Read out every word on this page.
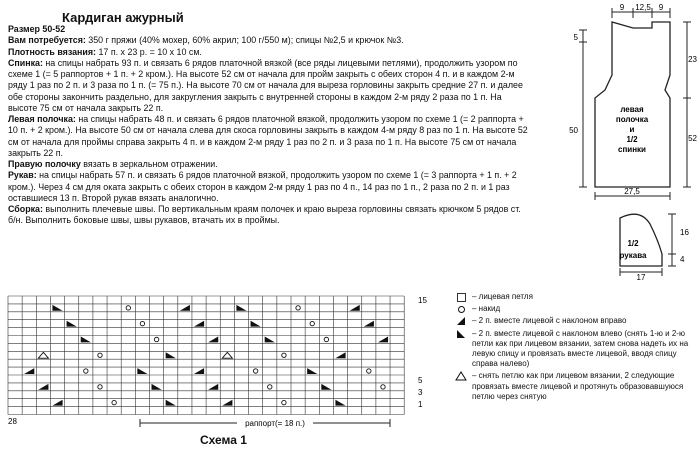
Кардиган ажурный

Размер 50-52

Вам потребуется: 350 г пряжи (40% мохер, 60% акрил; 100 г/550 м); спицы №2,5 и крючок №3.

Плотность вязания: 17 п. х 23 р. = 10 х 10 см.

Спинка: на спицы набрать 93 п. и связать 6 рядов платочной вязкой (все ряды лицевыми петлями), продолжить узором по схеме 1 (= 5 раппортов + 1 п. + 2 кром.). На высоте 52 см от начала для пройм закрыть с обеих сторон 4 п. и в каждом 2-м ряду 1 раз по 2 п. и 3 раза по 1 п. (= 75 п.). На высоте 70 см от начала для выреза горловины закрыть средние 27 п. и далее обе стороны закончить раздельно, для закругления закрыть с внутренней стороны в каждом 2-м ряду 2 раза по 1 п. На высоте 75 см от начала закрыть 22 п.

Левая полочка: на спицы набрать 48 п. и связать 6 рядов платочной вязкой, продолжить узором по схеме 1 (= 2 раппорта + 10 п. + 2 кром.). На высоте 50 см от начала слева для скоса горловины закрыть в каждом 4-м ряду 8 раз по 1 п. На высоте 52 см от начала для проймы справа закрыть 4 п. и в каждом 2-м ряду 1 раз по 2 п. и 3 раза по 1 п. На высоте 75 см от начала закрыть 22 п.

Правую полочку вязать в зеркальном отражении.

Рукав: на спицы набрать 57 п. и связать 6 рядов платочной вязкой, продолжить узором по схеме 1 (= 3 раппорта + 1 п. + 2 кром.). Через 4 см для оката закрыть с обеих сторон в каждом 2-м ряду 1 раз по 4 п., 14 раз по 1 п., 2 раза по 2 п. и 1 раз оставшиеся 13 п. Второй рукав вязать аналогично.

Сборка: выполнить плечевые швы. По вертикальным краям полочек и краю выреза горловины связать крючком 5 рядов ст. б/н. Выполнить боковые швы, швы рукавов, втачать их в проймы.

9 12,5 9
5
50
23
52
27,5
левая
полочка
и
1/2
спинки
1/2
рукава
16
4
17
15
5
3
1
28	раппорт(= 18 п.)
Схема 1
– лицевая петля
– накид
– 2 п. вместе лицевой с наклоном вправо
– 2 п. вместе лицевой с наклоном влево (снять 1-ю и 2-ю петли как при лицевом вязании, затем снова надеть их на левую спицу и провязать вместе лицевой, вводя спицу справа налево)
– снять петлю как при лицевом вязании, 2 следующие провязать вместе лицевой и протянуть образовавшуюся петлю через снятую
